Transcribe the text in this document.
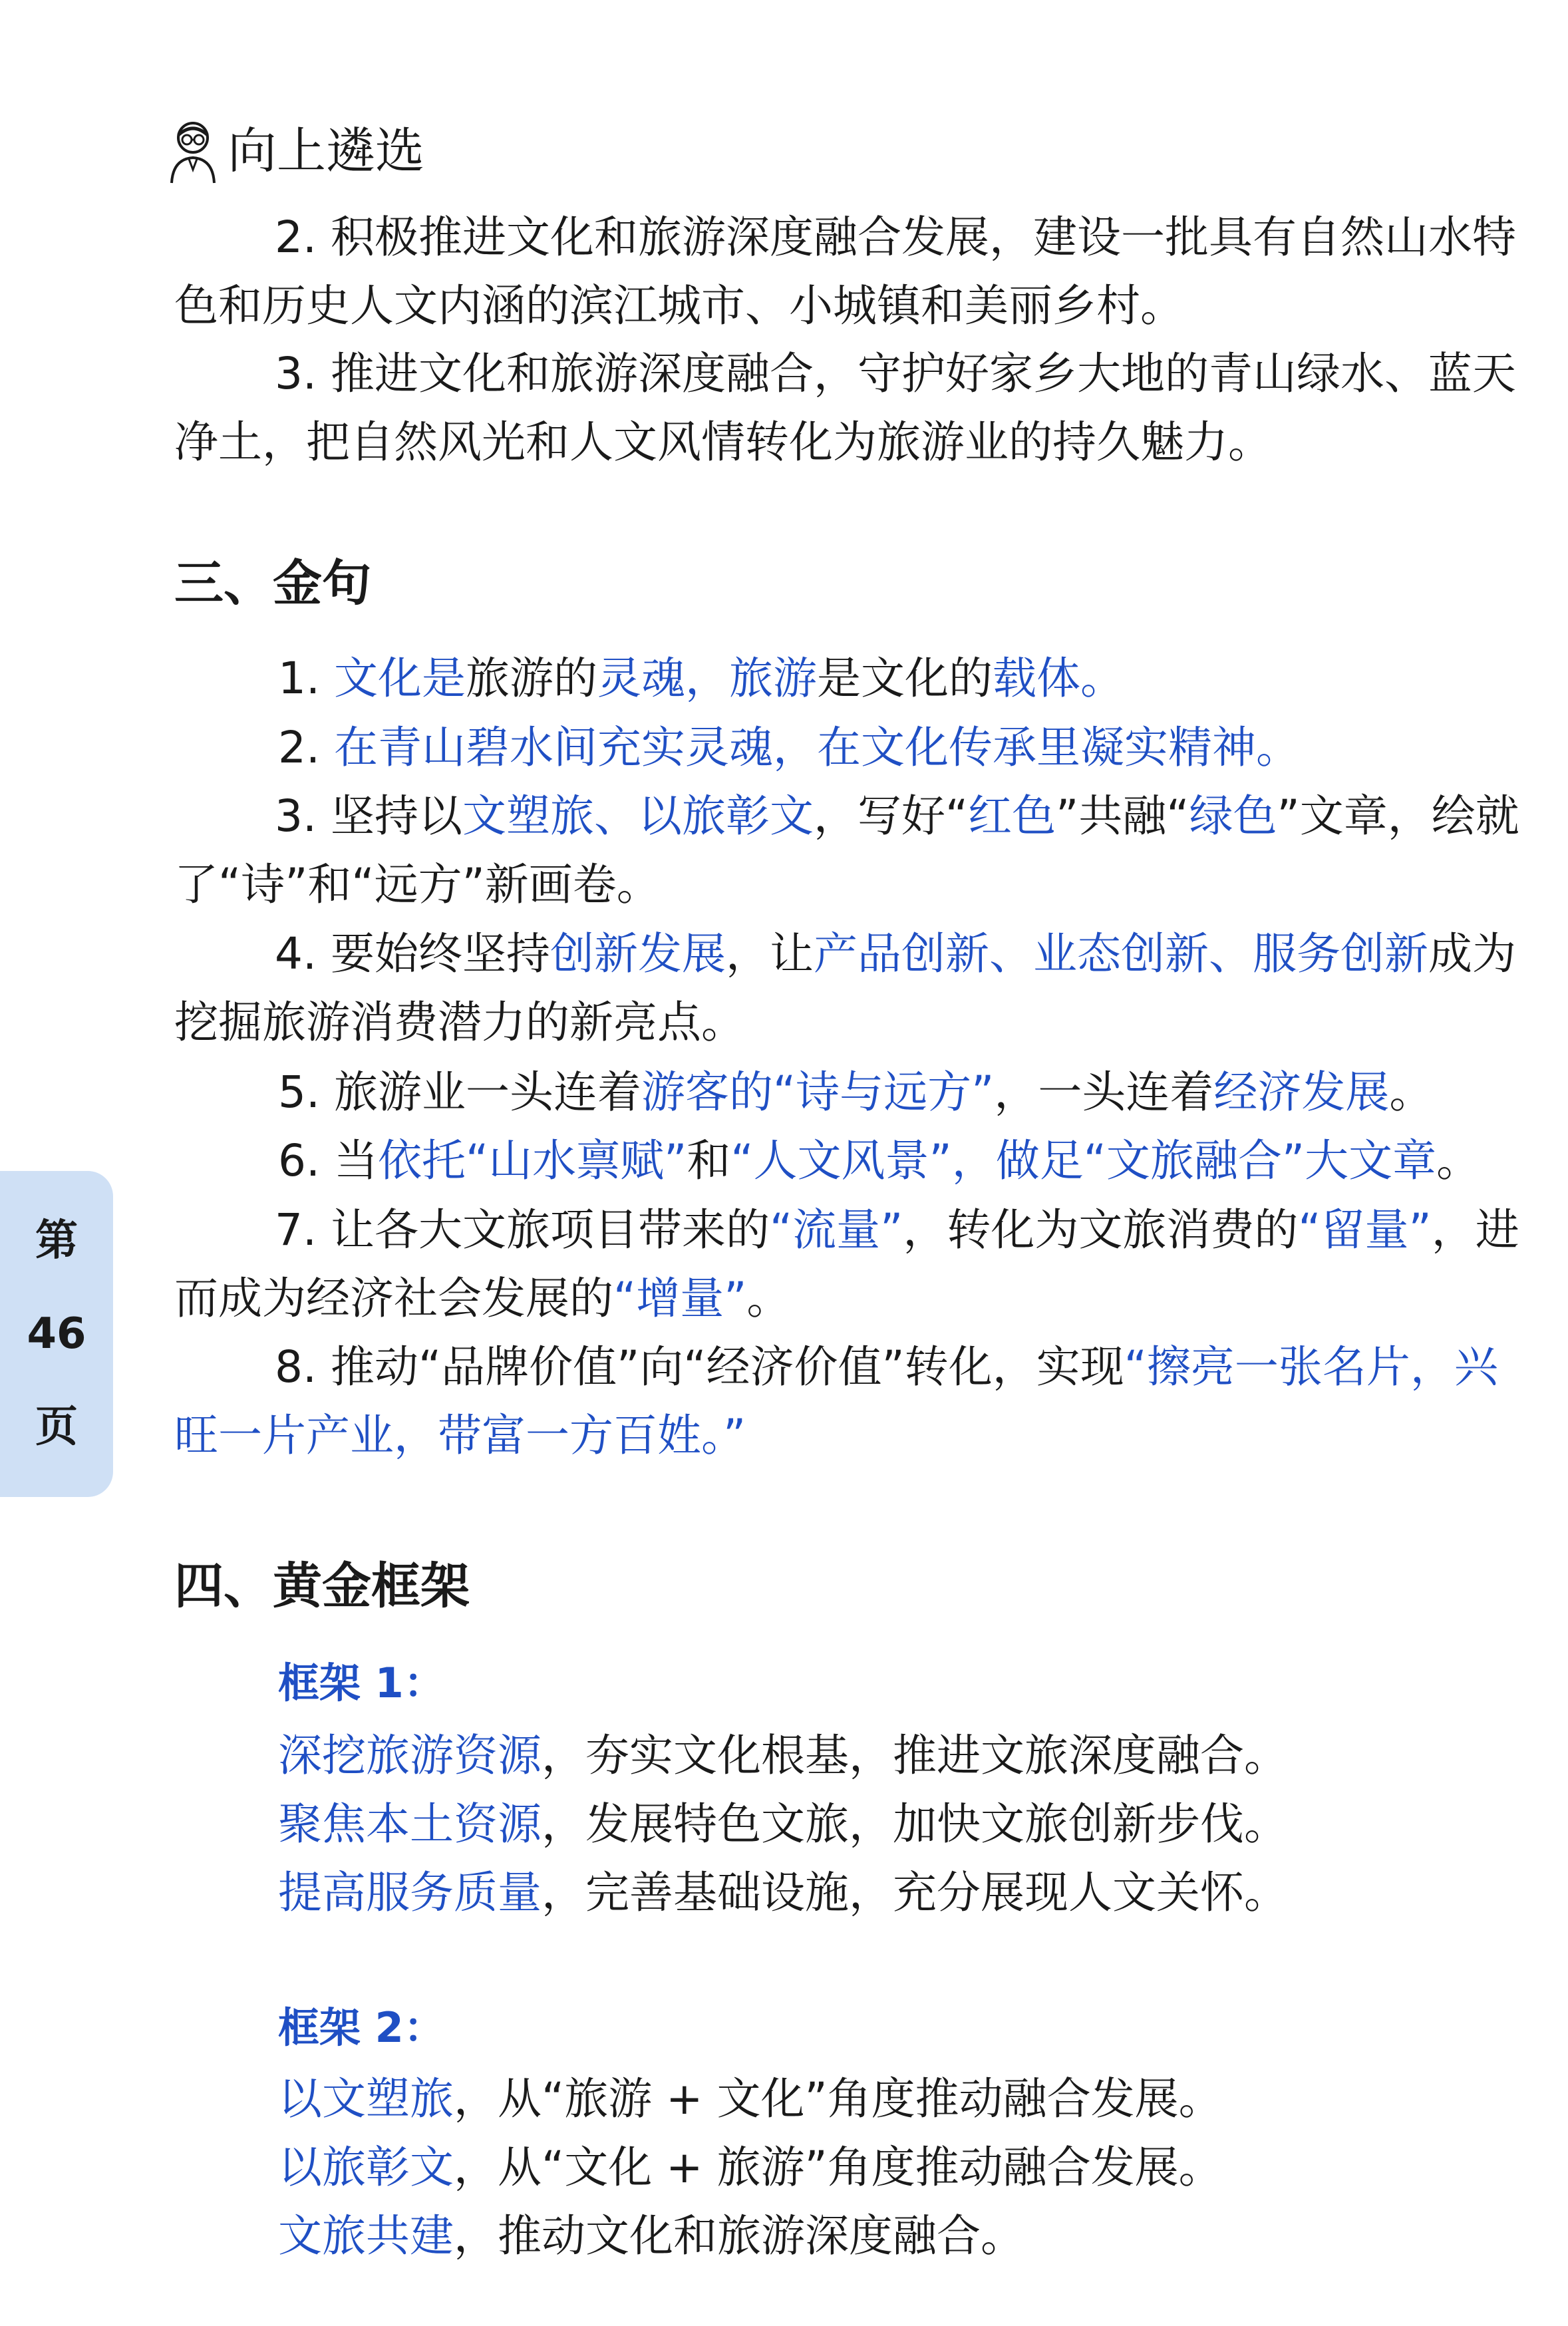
向上遴选

2. 积极推进文化和旅游深度融合发展，建设一批具有自然山水特色和历史人文内涵的滨江城市、小城镇和美丽乡村。

3. 推进文化和旅游深度融合，守护好家乡大地的青山绿水、蓝天净土，把自然风光和人文风情转化为旅游业的持久魅力。

三、金句

1. 文化是旅游的灵魂，旅游是文化的载体。

2. 在青山碧水间充实灵魂，在文化传承里凝实精神。

3. 坚持以文塑旅、以旅彰文，写好“红色”共融“绿色”文章，绘就了“诗”和“远方”新画卷。

4. 要始终坚持创新发展，让产品创新、业态创新、服务创新成为挖掘旅游消费潜力的新亮点。

5. 旅游业一头连着游客的“诗与远方”，一头连着经济发展。

6. 当依托“山水禀赋”和“人文风景”，做足“文旅融合”大文章。

7. 让各大文旅项目带来的“流量”，转化为文旅消费的“留量”，进而成为经济社会发展的“增量”。

8. 推动“品牌价值”向“经济价值”转化，实现“擦亮一张名片，兴旺一片产业，带富一方百姓。”

四、黄金框架
框架 1：

深挖旅游资源，夯实文化根基，推进文旅深度融合。

聚焦本土资源，发展特色文旅，加快文旅创新步伐。

提高服务质量，完善基础设施，充分展现人文关怀。

框架 2：

以文塑旅，从“旅游 + 文化”角度推动融合发展。

以旅彰文，从“文化 + 旅游”角度推动融合发展。

文旅共建，推动文化和旅游深度融合。

第
46
页
